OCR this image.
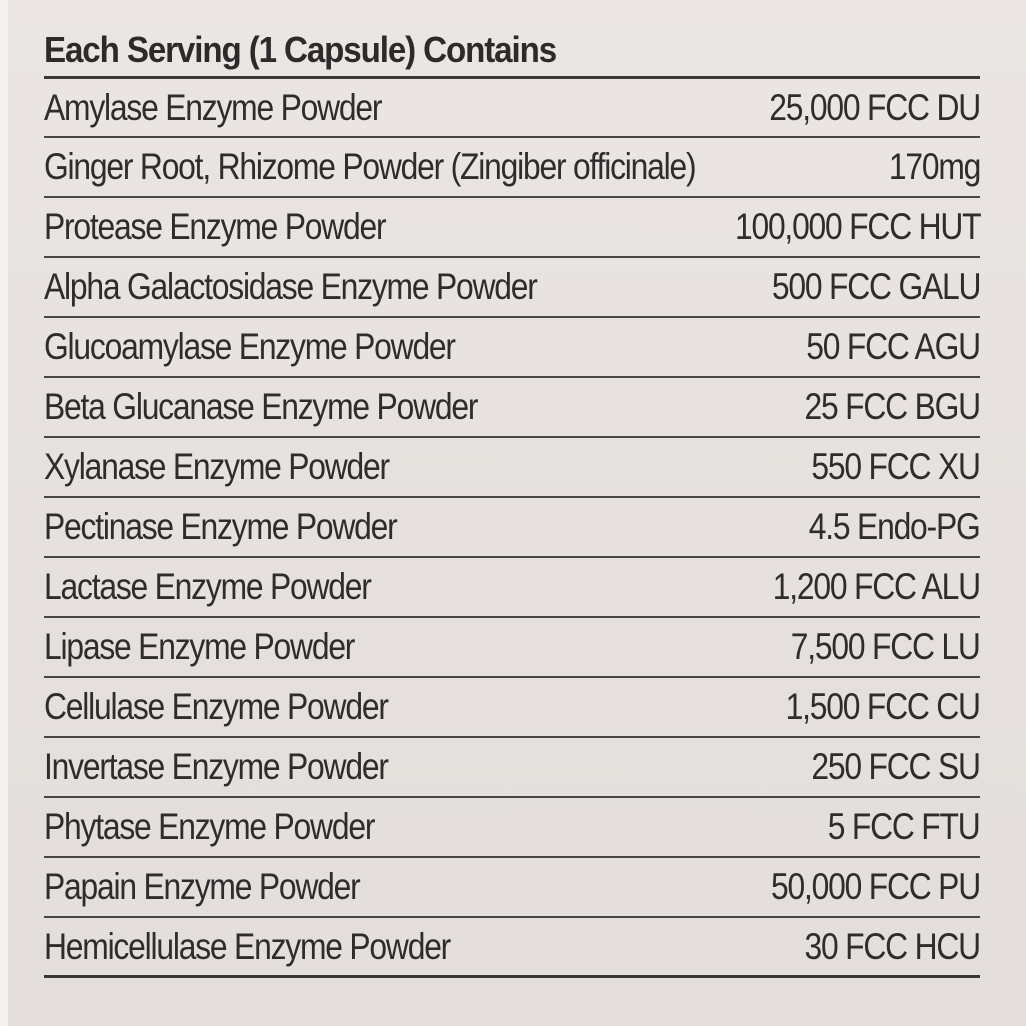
Each Serving (1 Capsule) Contains
Amylase Enzyme Powder	25,000 FCC DU
Ginger Root, Rhizome Powder (Zingiber officinale)	170mg
Protease Enzyme Powder	100,000 FCC HUT
Alpha Galactosidase Enzyme Powder	500 FCC GALU
Glucoamylase Enzyme Powder	50 FCC AGU
Beta Glucanase Enzyme Powder	25 FCC BGU
Xylanase Enzyme Powder	550 FCC XU
Pectinase Enzyme Powder	4.5 Endo-PG
Lactase Enzyme Powder	1,200 FCC ALU
Lipase Enzyme Powder	7,500 FCC LU
Cellulase Enzyme Powder	1,500 FCC CU
Invertase Enzyme Powder	250 FCC SU
Phytase Enzyme Powder	5 FCC FTU
Papain Enzyme Powder	50,000 FCC PU
Hemicellulase Enzyme Powder	30 FCC HCU
